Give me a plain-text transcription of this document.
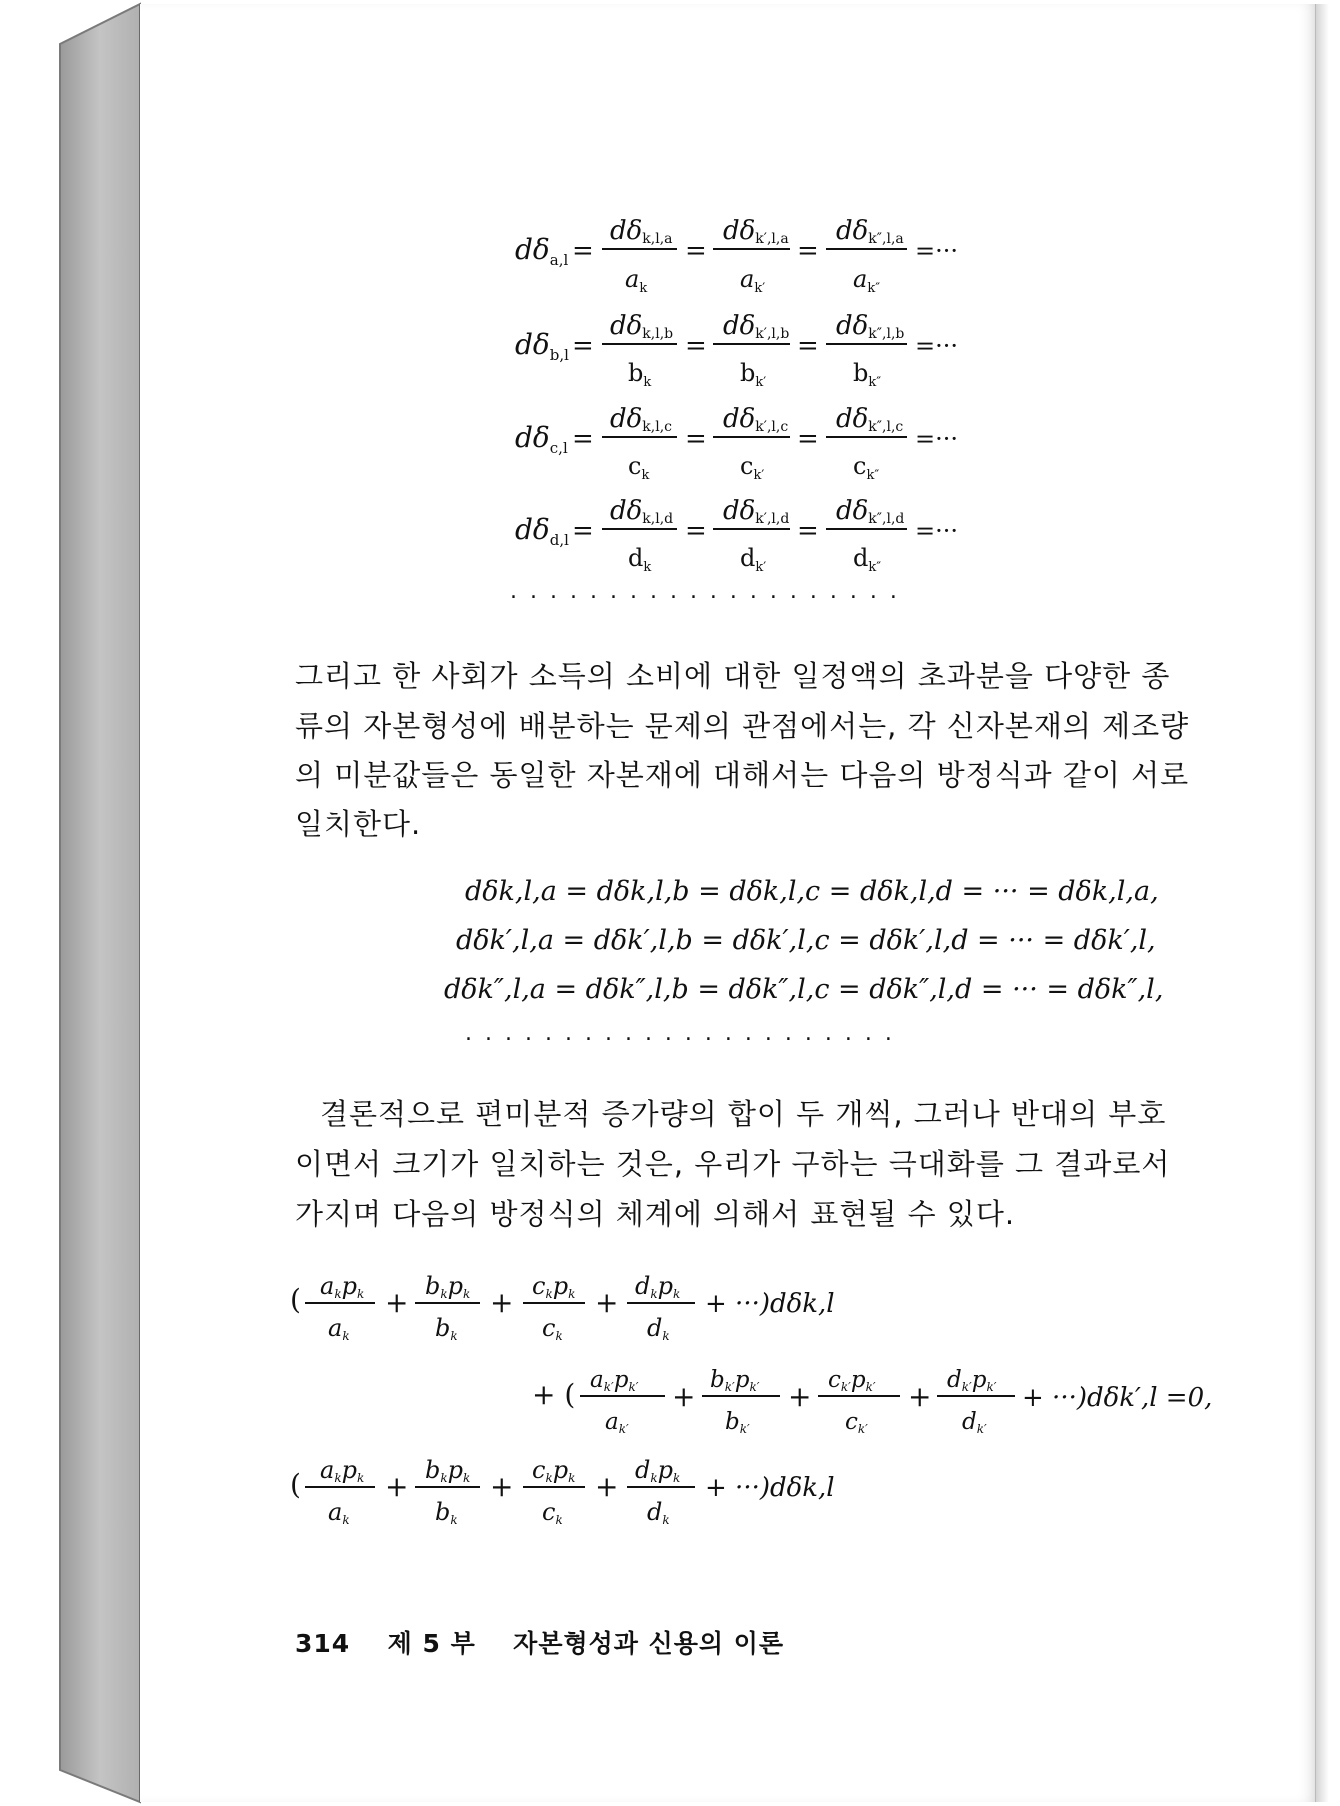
$d\delta_{a,l}$ =
dδk,l,a
$a_k$
=
dδk′,l,a
$a_{k'}$
=
dδk″,l,a
$a_{k''}$
=···
$d\delta_{b,l}$ =
dδk,l,b
$b_k$
=
dδk′,l,b
$b_{k'}$
=
dδk″,l,b
$b_{k''}$
=···
$d\delta_{c,l}$ =
dδk,l,c
$c_k$
=
dδk′,l,c
$c_{k'}$
=
dδk″,l,c
$c_{k''}$
=···
$d\delta_{d,l}$ =
dδk,l,d
$d_k$
=
dδk′,l,d
$d_{k'}$
=
dδk″,l,d
$d_{k''}$
=···
....................
그리고 한 사회가 소득의 소비에 대한 일정액의 초과분을 다양한 종
류의 자본형성에 배분하는 문제의 관점에서는, 각 신자본재의 제조량
의 미분값들은 동일한 자본재에 대해서는 다음의 방정식과 같이 서로
일치한다.
dδk,l,a = dδk,l,b = dδk,l,c = dδk,l,d = ··· = dδk,l,a,
dδk′,l,a = dδk′,l,b = dδk′,l,c = dδk′,l,d = ··· = dδk′,l,
dδk″,l,a = dδk″,l,b = dδk″,l,c = dδk″,l,d = ··· = dδk″,l,
......................
결론적으로 편미분적 증가량의 합이 두 개씩, 그러나 반대의 부호
이면서 크기가 일치하는 것은, 우리가 구하는 극대화를 그 결과로서
가지며 다음의 방정식의 체계에 의해서 표현될 수 있다.
( akpk
ak
+ bkpk
bk
+ ckpk
ck
+ dkpk
dk
+ ···)dδk,l
+ ( ak′pk′
ak′
+ bk′pk′
bk′
+ ck′pk′
ck′
+ dk′pk′
dk′
+ ···)dδk′,l =0,
( akpk
ak
+ bkpk
bk
+ ckpk
ck
+ dkpk
dk
+ ···)dδk,l
314 제 5 부 자본형성과 신용의 이론
